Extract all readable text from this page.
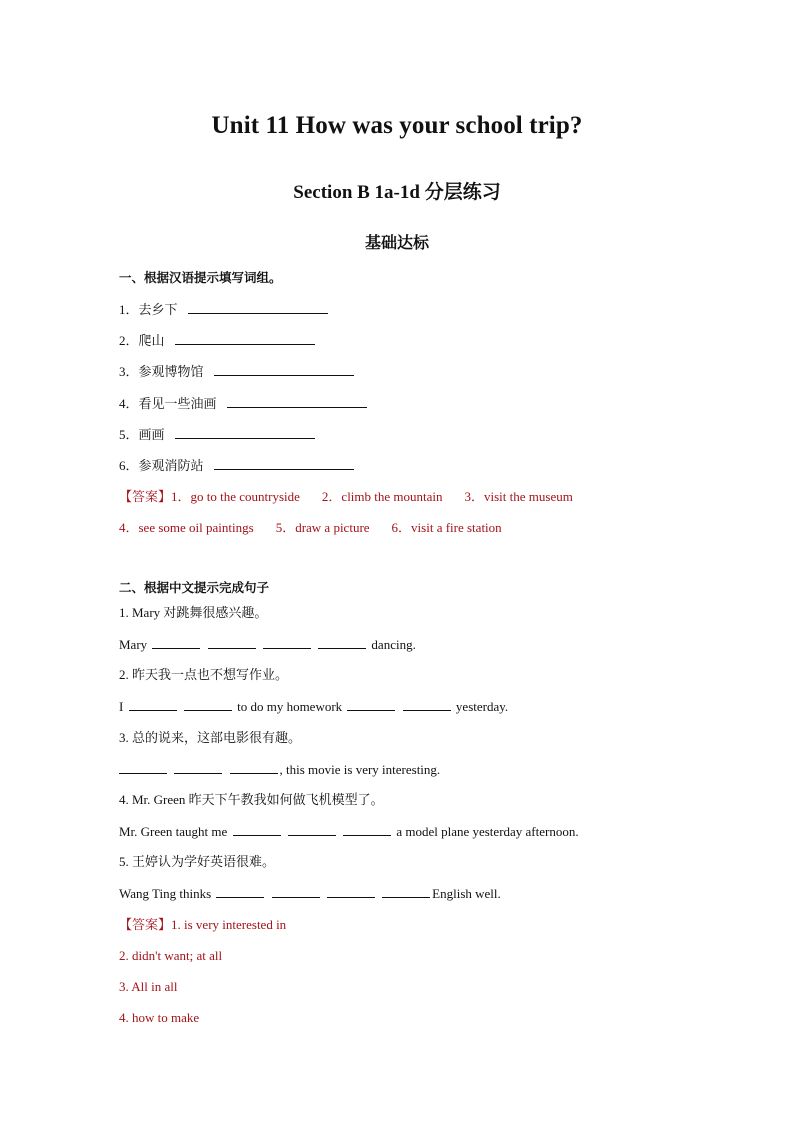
Unit 11 How was your school trip?
Section B 1a-1d 分层练习
基础达标
一、根据汉语提示填写词组。
1．去乡下
2．爬山
3．参观博物馆
4．看见一些油画
5．画画
6．参观消防站
【答案】1．go to the countryside 2．climb the mountain 3．visit the museum
4．see some oil paintings 5．draw a picture 6．visit a fire station
二、根据中文提示完成句子
1. Mary 对跳舞很感兴趣。
Mary	dancing.
2. 昨天我一点也不想写作业。
I	to do my homework	yesterday.
3. 总的说来，这部电影很有趣。
, this movie is very interesting.
4. Mr. Green 昨天下午教我如何做飞机模型了。
Mr. Green taught me	a model plane yesterday afternoon.
5. 王婷认为学好英语很难。
Wang Ting thinks	English well.
【答案】1. is very interested in
2. didn't want; at all
3. All in all
4. how to make
